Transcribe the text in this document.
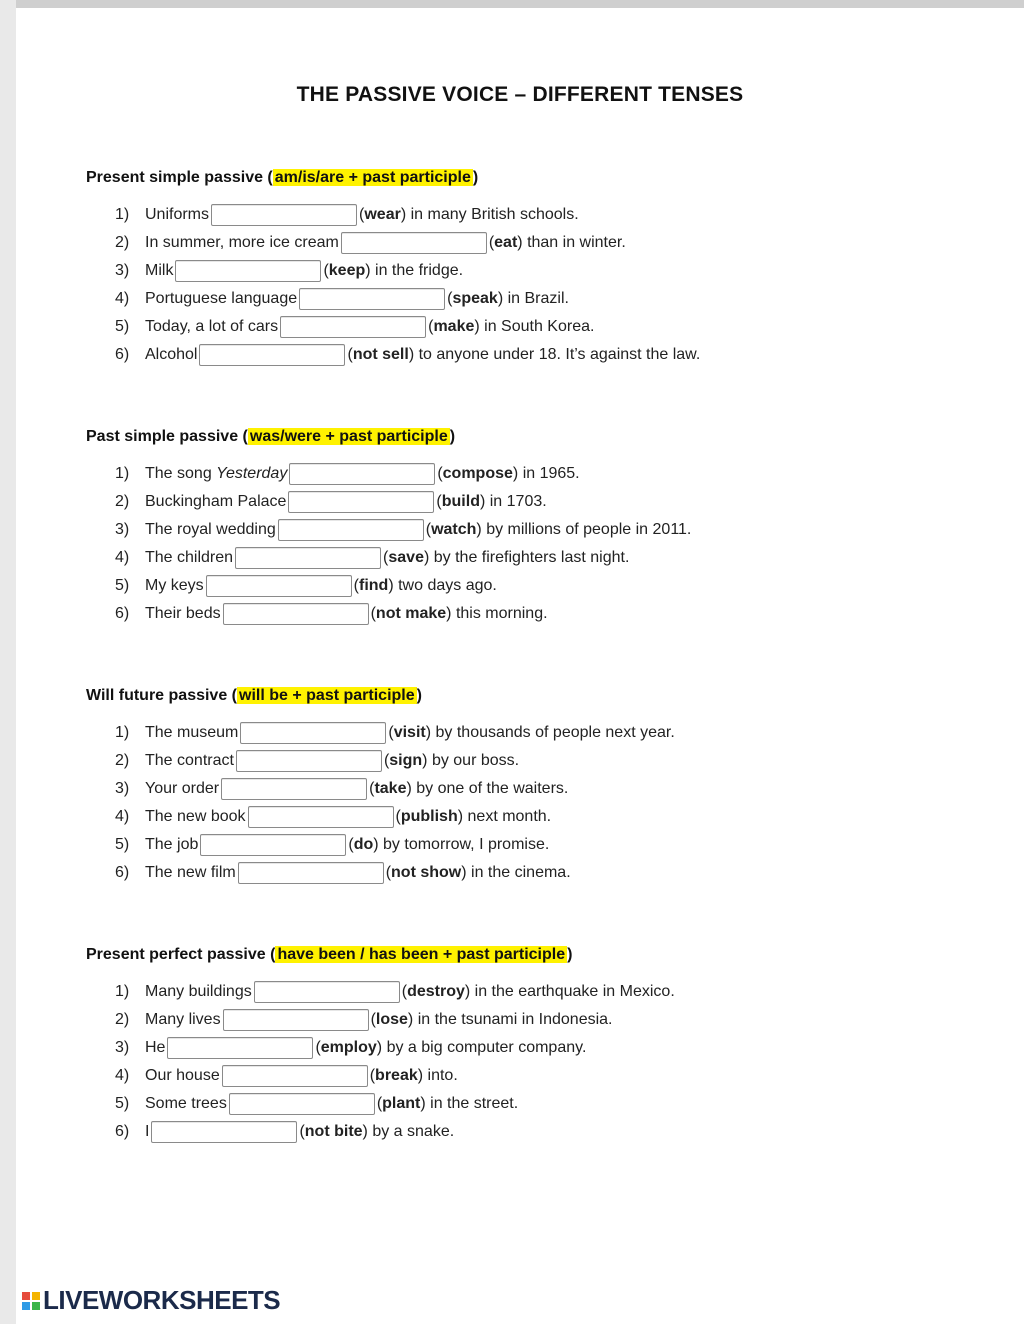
THE PASSIVE VOICE – DIFFERENT TENSES
Present simple passive ( am/is/are + past participle )
1) Uniforms	(wear) in many British schools.
2) In summer, more ice cream	(eat) than in winter.
3) Milk	(keep) in the fridge.
4) Portuguese language	(speak) in Brazil.
5) Today, a lot of cars	(make) in South Korea.
6) Alcohol	(not sell) to anyone under 18. It’s against the law.
Past simple passive ( was/were + past participle )
1) The song Yesterday	(compose) in 1965.
2) Buckingham Palace	(build) in 1703.
3) The royal wedding	(watch) by millions of people in 2011.
4) The children	(save) by the firefighters last night.
5) My keys	(find) two days ago.
6) Their beds	(not make) this morning.
Will future passive ( will be + past participle )
1) The museum	(visit) by thousands of people next year.
2) The contract	(sign) by our boss.
3) Your order	(take) by one of the waiters.
4) The new book	(publish) next month.
5) The job	(do) by tomorrow, I promise.
6) The new film	(not show) in the cinema.
Present perfect passive ( have been / has been + past participle )
1) Many buildings	(destroy) in the earthquake in Mexico.
2) Many lives	(lose) in the tsunami in Indonesia.
3) He	(employ) by a big computer company.
4) Our house	(break) into.
5) Some trees	(plant) in the street.
6) I	(not bite) by a snake.
LIVEWORKSHEETS
